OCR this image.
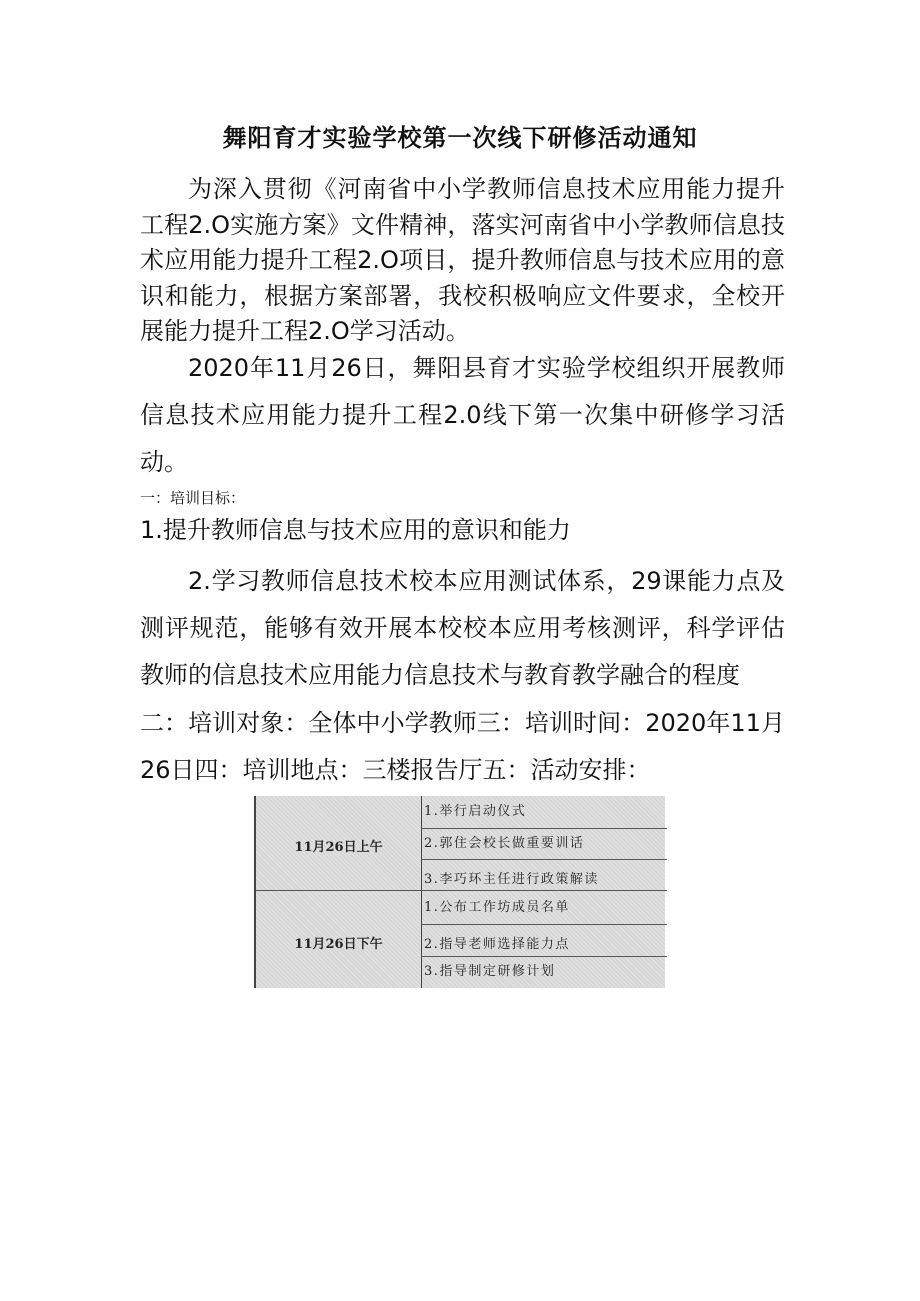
舞阳育才实验学校第一次线下研修活动通知

为深入贯彻《河南省中小学教师信息技术应用能力提升工程2.O实施方案》文件精神，落实河南省中小学教师信息技术应用能力提升工程2.O项目，提升教师信息与技术应用的意识和能力，根据方案部署，我校积极响应文件要求，全校开展能力提升工程2.O学习活动。

2020年11月26日，舞阳县育才实验学校组织开展教师信息技术应用能力提升工程2.0线下第一次集中研修学习活动。

一：培训目标：

1.提升教师信息与技术应用的意识和能力

2.学习教师信息技术校本应用测试体系，29课能力点及测评规范，能够有效开展本校校本应用考核测评，科学评估教师的信息技术应用能力信息技术与教育教学融合的程度

二：培训对象：全体中小学教师三：培训时间：2020年11月26日四：培训地点：三楼报告厅五：活动安排：

11月26日上午
1.举行启动仪式
2.郭住会校长做重要训话
3.李巧环主任进行政策解读
11月26日下午
1.公布工作坊成员名单
2.指导老师选择能力点
3.指导制定研修计划
